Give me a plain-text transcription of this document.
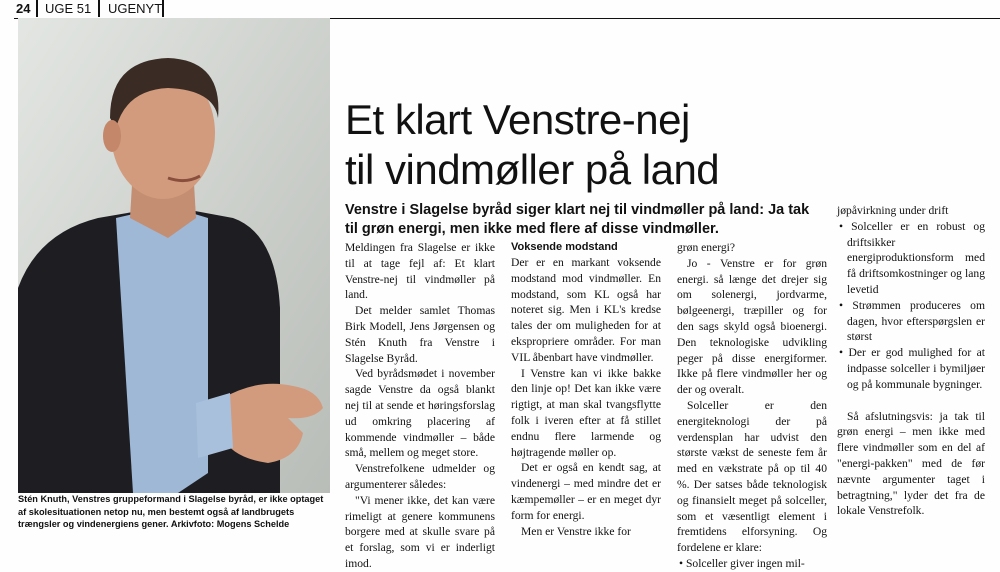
24 UGE 51 UGENYT
Stén Knuth, Venstres gruppeformand i Slagelse byråd, er ikke optaget af skolesituationen netop nu, men bestemt også af landbrugets trængsler og vindenergiens gener. Arkivfoto: Mogens Schelde
Et klart Venstre-nej
til vindmøller på land
Venstre i Slagelse byråd siger klart nej til vindmøller på land: Ja tak til grøn energi, men ikke med flere af disse vindmøller.

Meldingen fra Slagelse er ikke til at tage fejl af: Et klart Venstre-nej til vindmøller på land.

Det melder samlet Thomas Birk Modell, Jens Jørgensen og Stén Knuth fra Venstre i Slagelse Byråd.

Ved byrådsmødet i november sagde Venstre da også blankt nej til at sende et høringsforslag ud omkring placering af kommende vindmøller – både små, mellem og meget store.

Venstrefolkene udmelder og argumenterer således:

"Vi mener ikke, det kan være rimeligt at genere kommunens borgere med at skulle svare på et forslag, som vi er inderligt imod.

Voksende modstand

Der er en markant voksende modstand mod vindmøller. En modstand, som KL også har noteret sig. Men i KL's kredse tales der om muligheden for at ekspropriere områder. For man VIL åbenbart have vindmøller.

I Venstre kan vi ikke bakke den linje op! Det kan ikke være rigtigt, at man skal tvangsflytte folk i iveren efter at få stillet endnu flere larmende og højtragende møller op.

Det er også en kendt sag, at vindenergi – med mindre det er kæmpemøller – er en meget dyr form for energi.

Men er Venstre ikke for

grøn energi?

Jo - Venstre er for grøn energi. så længe det drejer sig om solenergi, jordvarme, bølgeenergi, træpiller og for den sags skyld også bioenergi. Den teknologiske udvikling peger på disse energiformer. Ikke på flere vindmøller her og der og overalt.

Solceller er den energiteknologi der på verdensplan har udvist den største vækst de seneste fem år med en vækstrate på op til 40 %. Der satses både teknologisk og finansielt meget på solceller, som et væsentligt element i fremtidens elforsyning. Og fordelene er klare:

• Solceller giver ingen mil-

jøpåvirkning under drift

• Solceller er en robust og driftsikker energiproduktionsform med få driftsomkostninger og lang levetid
• Strømmen produceres om dagen, hvor efterspørgslen er størst
• Der er god mulighed for at indpasse solceller i bymiljøer og på kommunale bygninger.

Så afslutningsvis: ja tak til grøn energi – men ikke med flere vindmøller som en del af "energi-pakken" med de før nævnte argumenter taget i betragtning," lyder det fra de lokale Venstrefolk.
